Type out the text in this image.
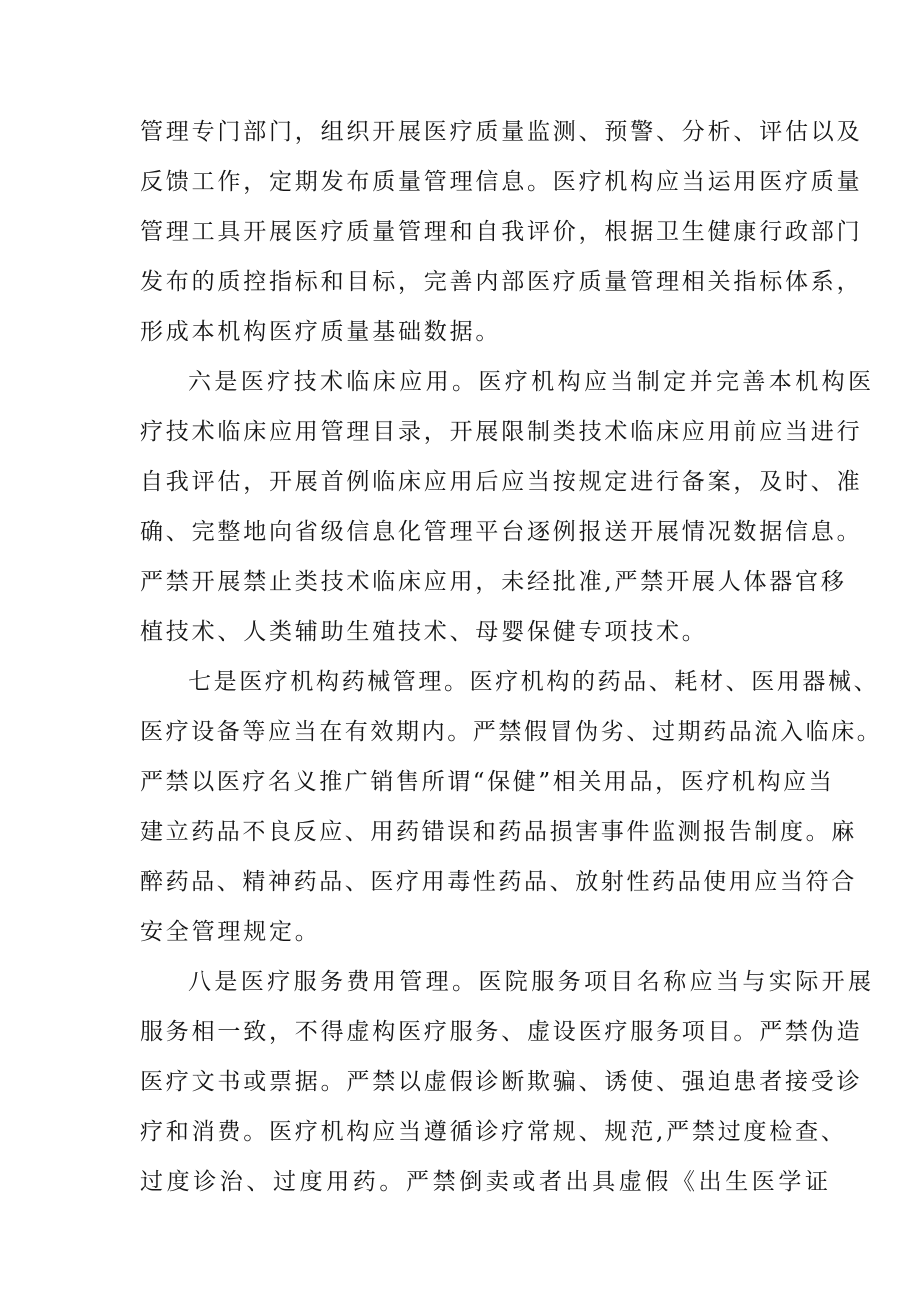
管理专门部门，组织开展医疗质量监测、预警、分析、评估以及

反馈工作，定期发布质量管理信息。医疗机构应当运用医疗质量

管理工具开展医疗质量管理和自我评价，根据卫生健康行政部门

发布的质控指标和目标，完善内部医疗质量管理相关指标体系，

形成本机构医疗质量基础数据。

六是医疗技术临床应用。医疗机构应当制定并完善本机构医

疗技术临床应用管理目录，开展限制类技术临床应用前应当进行

自我评估，开展首例临床应用后应当按规定进行备案，及时、准

确、完整地向省级信息化管理平台逐例报送开展情况数据信息。

严禁开展禁止类技术临床应用，未经批准,严禁开展人体器官移

植技术、人类辅助生殖技术、母婴保健专项技术。

七是医疗机构药械管理。医疗机构的药品、耗材、医用器械、

医疗设备等应当在有效期内。严禁假冒伪劣、过期药品流入临床。

严禁以医疗名义推广销售所谓“保健”相关用品，医疗机构应当

建立药品不良反应、用药错误和药品损害事件监测报告制度。麻

醉药品、精神药品、医疗用毒性药品、放射性药品使用应当符合

安全管理规定。

八是医疗服务费用管理。医院服务项目名称应当与实际开展

服务相一致，不得虚构医疗服务、虚设医疗服务项目。严禁伪造

医疗文书或票据。严禁以虚假诊断欺骗、诱使、强迫患者接受诊

疗和消费。医疗机构应当遵循诊疗常规、规范,严禁过度检查、

过度诊治、过度用药。严禁倒卖或者出具虚假《出生医学证
